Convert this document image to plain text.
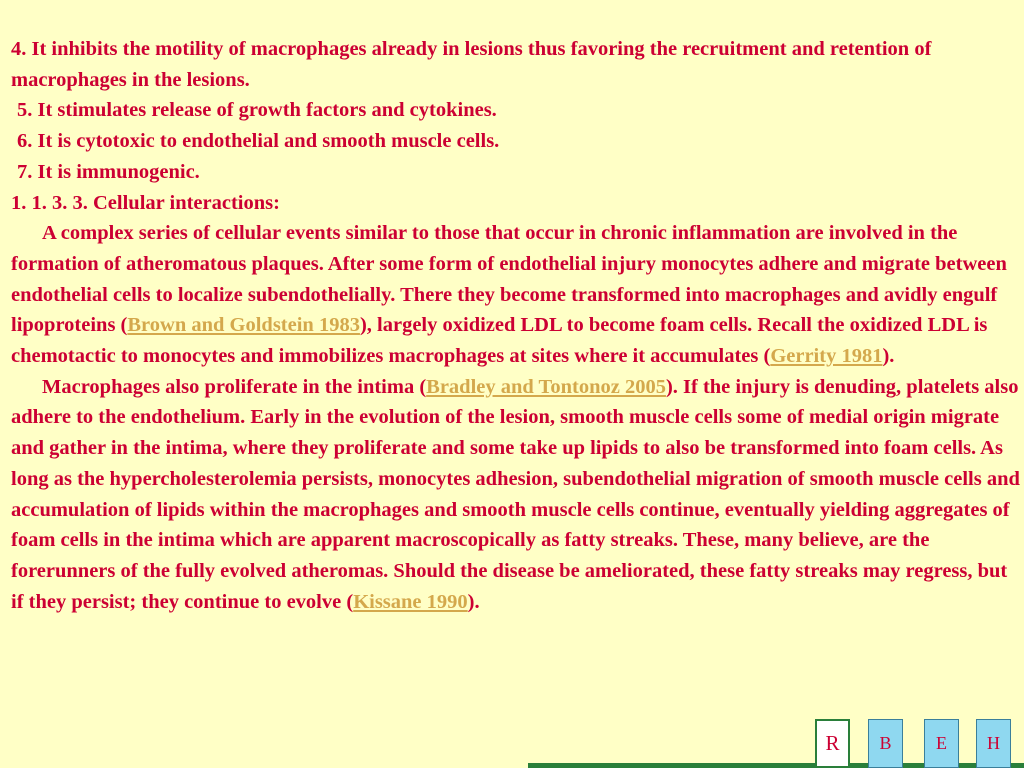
4. It inhibits the motility of macrophages already in lesions thus favoring the recruitment and retention of macrophages in the lesions.

5. It stimulates release of growth factors and cytokines.

6. It is cytotoxic to endothelial and smooth muscle cells.

7. It is immunogenic.

1. 1. 3. 3. Cellular interactions:

A complex series of cellular events similar to those that occur in chronic inflammation are involved in the formation of atheromatous plaques. After some form of endothelial injury monocytes adhere and migrate between endothelial cells to localize subendothelially. There they become transformed into macrophages and avidly engulf lipoproteins (Brown and Goldstein 1983), largely oxidized LDL to become foam cells. Recall the oxidized LDL is chemotactic to monocytes and immobilizes macrophages at sites where it accumulates (Gerrity 1981).

Macrophages also proliferate in the intima (Bradley and Tontonoz 2005). If the injury is denuding, platelets also adhere to the endothelium. Early in the evolution of the lesion, smooth muscle cells some of medial origin migrate and gather in the intima, where they proliferate and some take up lipids to also be transformed into foam cells. As long as the hypercholesterolemia persists, monocytes adhesion, subendothelial migration of smooth muscle cells and accumulation of lipids within the macrophages and smooth muscle cells continue, eventually yielding aggregates of foam cells in the intima which are apparent macroscopically as fatty streaks. These, many believe, are the forerunners of the fully evolved atheromas. Should the disease be ameliorated, these fatty streaks may regress, but if they persist; they continue to evolve (Kissane 1990).

R	B	E	H
